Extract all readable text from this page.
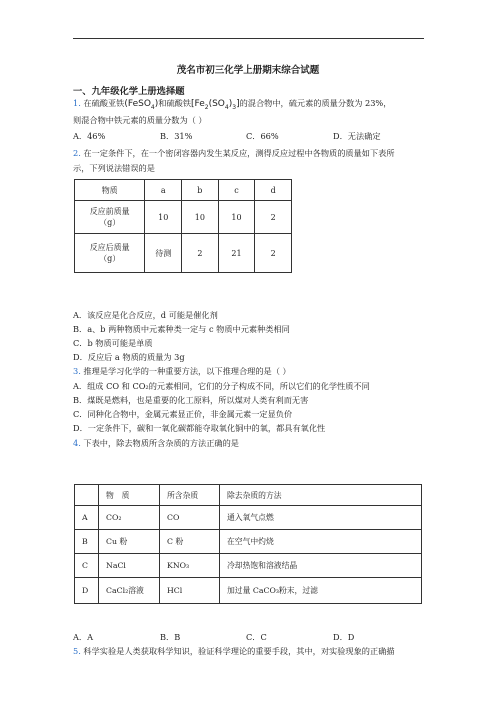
茂名市初三化学上册期末综合试题
一、九年级化学上册选择题
1. 在硫酸亚铁(FeSO$_4$)和硫酸铁$[Fe_2(SO_4)_3]$的混合物中，硫元素的质量分数为 23%，
则混合物中铁元素的质量分数为（ ）
A．46%	B．31%	C．66%	D．无法确定
2. 在一定条件下，在一个密闭容器内发生某反应，测得反应过程中各物质的质量如下表所
示，下列说法错误的是
物质	a	b	c	d

反应前质量
（g）	10	10	10	2

反应后质量
（g）	待测	2	21	2
A．该反应是化合反应，d 可能是催化剂
B．a、b 两种物质中元素种类一定与 c 物质中元素种类相同
C．b 物质可能是单质
D．反应后 a 物质的质量为 3g
3. 推理是学习化学的一种重要方法，以下推理合理的是（ ）
A．组成 CO 和 CO₂的元素相同，它们的分子构成不同，所以它们的化学性质不同
B．煤既是燃料，也是重要的化工原料，所以煤对人类有利而无害
C．同种化合物中，金属元素显正价，非金属元素一定显负价
D．一定条件下，碳和一氧化碳都能夺取氧化铜中的氧，都具有氧化性
4. 下表中，除去物质所含杂质的方法正确的是
	物　质	所含杂质	除去杂质的方法
A	CO₂	CO	通入氧气点燃
B	Cu 粉	C 粉	在空气中灼烧
C	NaCl	KNO₃	冷却热饱和溶液结晶
D	CaCl₂溶液	HCl	加过量 CaCO₃粉末，过滤
A．A	B．B	C．C	D．D
5. 科学实验是人类获取科学知识，验证科学理论的重要手段，其中，对实验现象的正确描
